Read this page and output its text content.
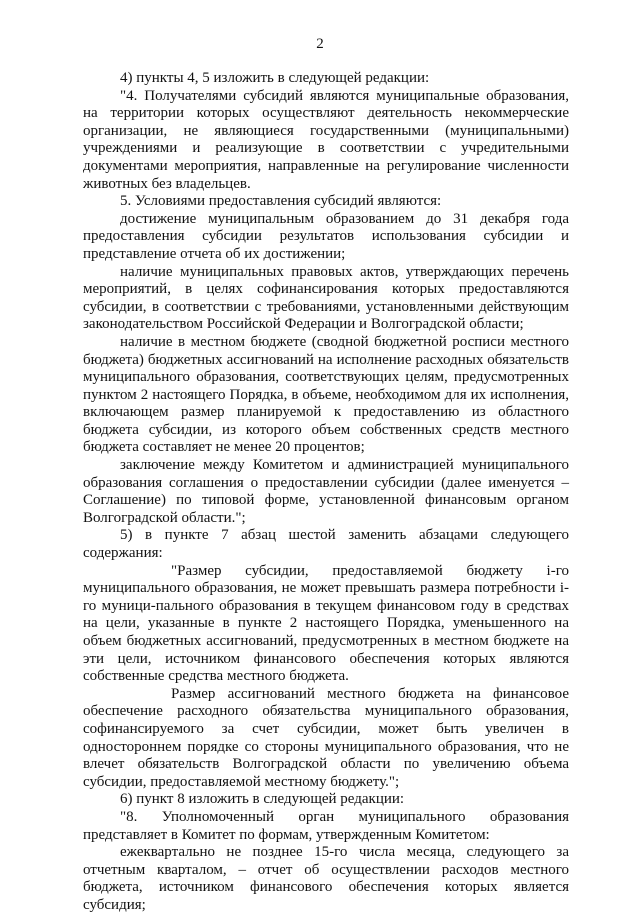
2

4) пункты 4, 5 изложить в следующей редакции:

"4. Получателями субсидий являются муниципальные образования, на территории которых осуществляют деятельность некоммерческие организации, не являющиеся государственными (муниципальными) учреждениями и реализующие в соответствии с учредительными документами мероприятия, направленные на регулирование численности животных без владельцев.

5. Условиями предоставления субсидий являются:

достижение муниципальным образованием до 31 декабря года предоставления субсидии результатов использования субсидии и представление отчета об их достижении;

наличие муниципальных правовых актов, утверждающих перечень мероприятий, в целях софинансирования которых предоставляются субсидии, в соответствии с требованиями, установленными действующим законодательством Российской Федерации и Волгоградской области;

наличие в местном бюджете (сводной бюджетной росписи местного бюджета) бюджетных ассигнований на исполнение расходных обязательств муниципального образования, соответствующих целям, предусмотренных пунктом 2 настоящего Порядка, в объеме, необходимом для их исполнения, включающем размер планируемой к предоставлению из областного бюджета субсидии, из которого объем собственных средств местного бюджета составляет не менее 20 процентов;

заключение между Комитетом и администрацией муниципального образования соглашения о предоставлении субсидии (далее именуется – Соглашение) по типовой форме, установленной финансовым органом Волгоградской области.";

5) в пункте 7 абзац шестой заменить абзацами следующего содержания:

"Размер субсидии, предоставляемой бюджету i-го муниципального образования, не может превышать размера потребности i-го муници-пального образования в текущем финансовом году в средствах на цели, указанные в пункте 2 настоящего Порядка, уменьшенного на объем бюджетных ассигнований, предусмотренных в местном бюджете на эти цели, источником финансового обеспечения которых являются собственные средства местного бюджета.

Размер ассигнований местного бюджета на финансовое обеспечение расходного обязательства муниципального образования, софинансируемого за счет субсидии, может быть увеличен в одностороннем порядке со стороны муниципального образования, что не влечет обязательств Волгоградской области по увеличению объема субсидии, предоставляемой местному бюджету.";

6) пункт 8 изложить в следующей редакции:

"8. Уполномоченный орган муниципального образования представляет в Комитет по формам, утвержденным Комитетом:

ежеквартально не позднее 15-го числа месяца, следующего за отчетным кварталом, – отчет об осуществлении расходов местного бюджета, источником финансового обеспечения которых является субсидия;
